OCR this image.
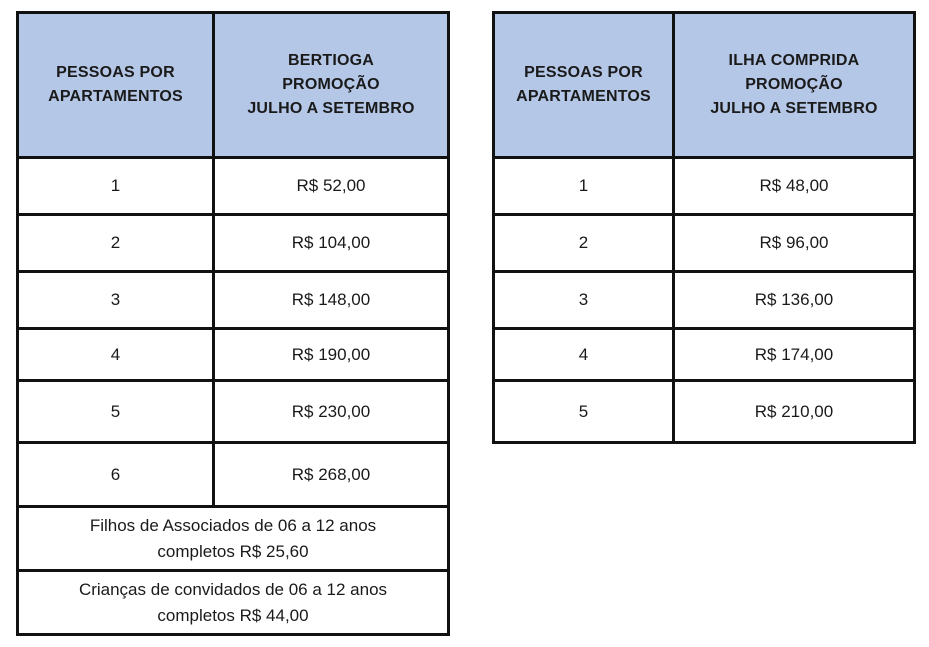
PESSOAS POR APARTAMENTOS	BERTIOGA
PROMOÇÃO
JULHO A SETEMBRO

1	R$ 52,00
2	R$ 104,00
3	R$ 148,00
4	R$ 190,00
5	R$ 230,00
6	R$ 268,00

Filhos de Associados de 06 a 12 anos
completos R$ 25,60	

Crianças de convidados de 06 a 12 anos
completos R$ 44,00	
PESSOAS POR APARTAMENTOS	ILHA COMPRIDA
PROMOÇÃO
JULHO A SETEMBRO

1	R$ 48,00
2	R$ 96,00
3	R$ 136,00
4	R$ 174,00
5	R$ 210,00
